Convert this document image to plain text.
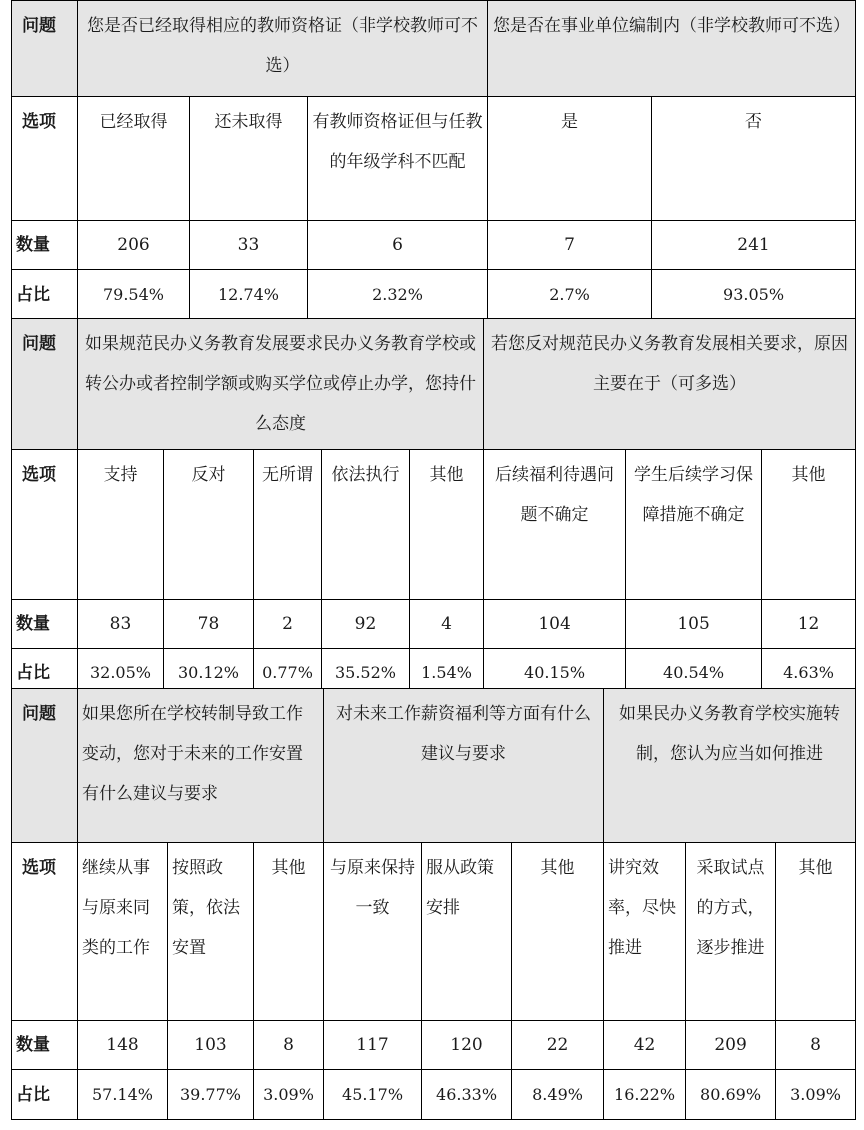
问题	您是否已经取得相应的教师资格证（非学校教师可不选）			您是否在事业单位编制内（非学校教师可不选）	
选项	已经取得	还未取得	有教师资格证但与任教的年级学科不匹配	是	否
数量	206	33	6	7	241
占比	79.54%	12.74%	2.32%	2.7%	93.05%
问题	如果规范民办义务教育发展要求民办义务教育学校或转公办或者控制学额或购买学位或停止办学，您持什么态度					若您反对规范民办义务教育发展相关要求，原因主要在于（可多选）		
选项	支持	反对	无所谓	依法执行	其他	后续福利待遇问题不确定	学生后续学习保障措施不确定	其他
数量	83	78	2	92	4	104	105	12
占比	32.05%	30.12%	0.77%	35.52%	1.54%	40.15%	40.54%	4.63%
问题	如果您所在学校转制导致工作变动，您对于未来的工作安置有什么建议与要求			对未来工作薪资福利等方面有什么建议与要求			如果民办义务教育学校实施转制，您认为应当如何推进		
选项	继续从事与原来同类的工作	按照政策，依法安置	其他	与原来保持一致	服从政策安排	其他	讲究效率，尽快推进	采取试点的方式，逐步推进	其他
数量	148	103	8	117	120	22	42	209	8
占比	57.14%	39.77%	3.09%	45.17%	46.33%	8.49%	16.22%	80.69%	3.09%
